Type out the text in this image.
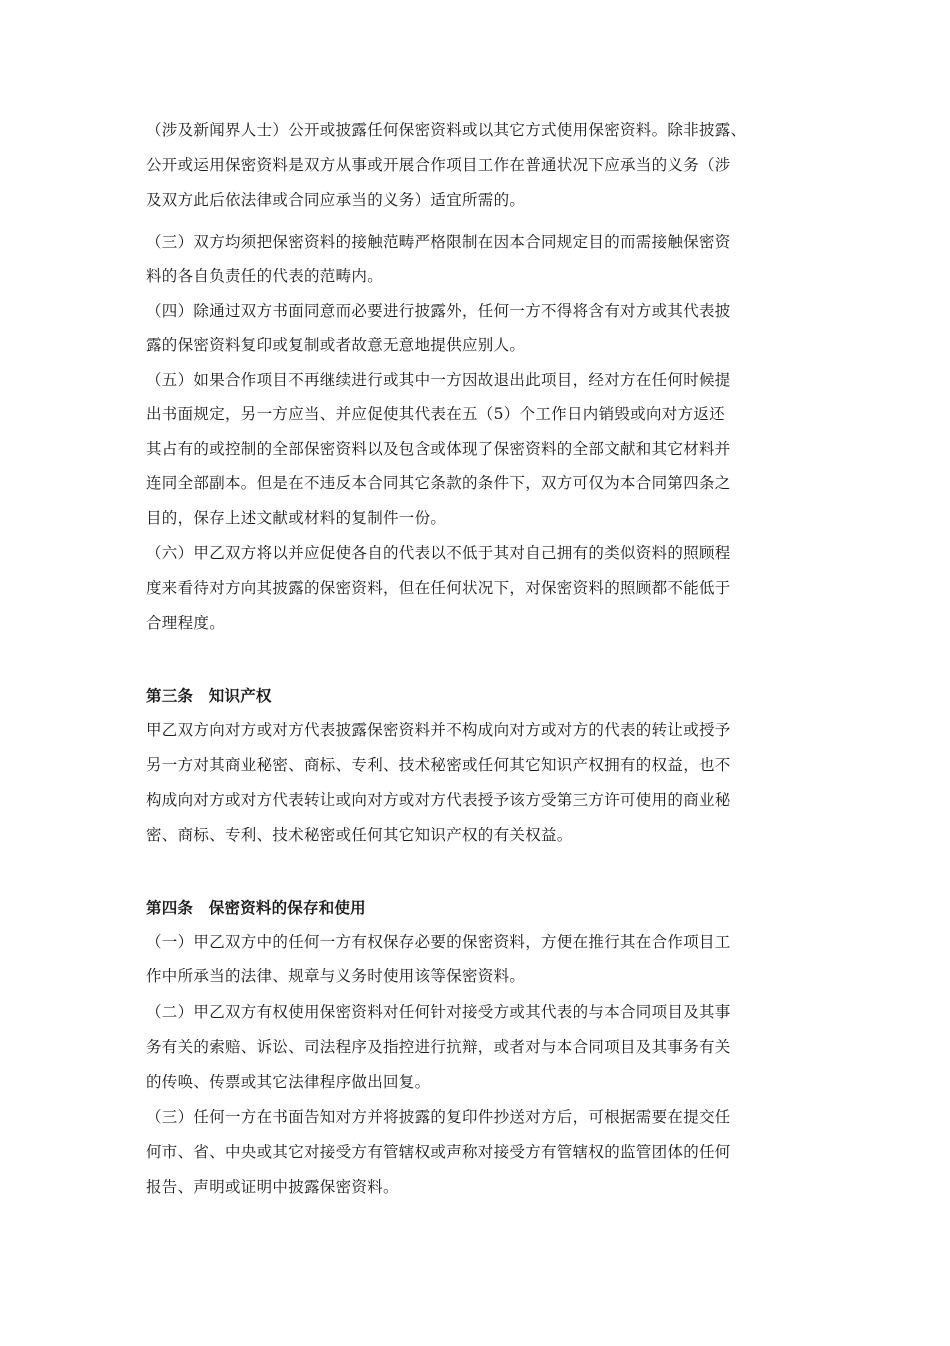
（涉及新闻界人士）公开或披露任何保密资料或以其它方式使用保密资料。除非披露、
公开或运用保密资料是双方从事或开展合作项目工作在普通状况下应承当的义务（涉
及双方此后依法律或合同应承当的义务）适宜所需的。
（三）双方均须把保密资料的接触范畴严格限制在因本合同规定目的而需接触保密资
料的各自负责任的代表的范畴内。
（四）除通过双方书面同意而必要进行披露外，任何一方不得将含有对方或其代表披
露的保密资料复印或复制或者故意无意地提供应别人。
（五）如果合作项目不再继续进行或其中一方因故退出此项目，经对方在任何时候提
出书面规定，另一方应当、并应促使其代表在五（5）个工作日内销毁或向对方返还
其占有的或控制的全部保密资料以及包含或体现了保密资料的全部文献和其它材料并
连同全部副本。但是在不违反本合同其它条款的条件下，双方可仅为本合同第四条之
目的，保存上述文献或材料的复制件一份。
（六）甲乙双方将以并应促使各自的代表以不低于其对自己拥有的类似资料的照顾程
度来看待对方向其披露的保密资料，但在任何状况下，对保密资料的照顾都不能低于
合理程度。
第三条　知识产权
甲乙双方向对方或对方代表披露保密资料并不构成向对方或对方的代表的转让或授予
另一方对其商业秘密、商标、专利、技术秘密或任何其它知识产权拥有的权益，也不
构成向对方或对方代表转让或向对方或对方代表授予该方受第三方许可使用的商业秘
密、商标、专利、技术秘密或任何其它知识产权的有关权益。
第四条　保密资料的保存和使用
（一）甲乙双方中的任何一方有权保存必要的保密资料，方便在推行其在合作项目工
作中所承当的法律、规章与义务时使用该等保密资料。
（二）甲乙双方有权使用保密资料对任何针对接受方或其代表的与本合同项目及其事
务有关的索赔、诉讼、司法程序及指控进行抗辩，或者对与本合同项目及其事务有关
的传唤、传票或其它法律程序做出回复。
（三）任何一方在书面告知对方并将披露的复印件抄送对方后，可根据需要在提交任
何市、省、中央或其它对接受方有管辖权或声称对接受方有管辖权的监管团体的任何
报告、声明或证明中披露保密资料。
